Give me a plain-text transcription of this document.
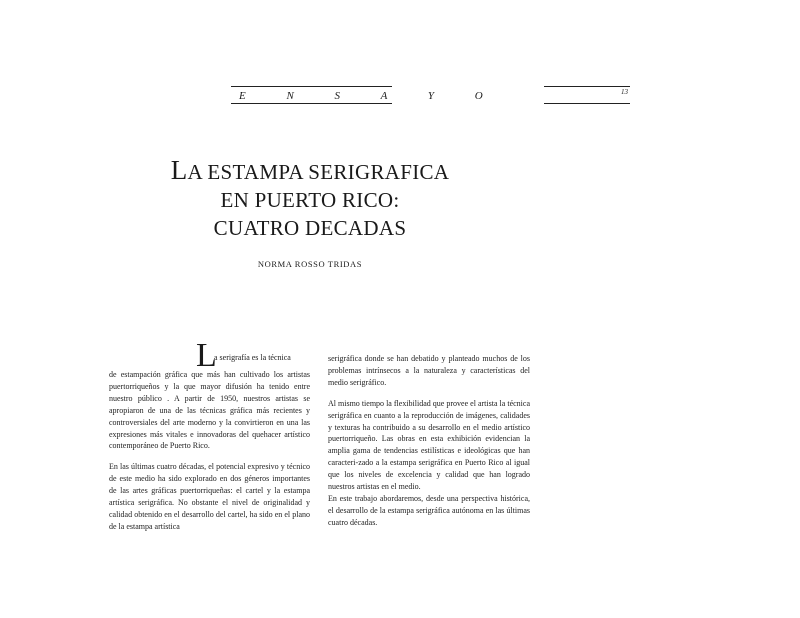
E N S A Y O	13
LA ESTAMPA SERIGRAFICA
EN PUERTO RICO:
CUATRO DECADAS
NORMA ROSSO TRIDAS
L
a serigrafía es la técnica

de estampación gráfica que más han cultivado los artistas puertorriqueños y la que mayor difusión ha tenido entre nuestro público . A partir de 1950, nuestros artistas se apropiaron de una de las técnicas gráfica más recientes y controversiales del arte moderno y la convirtieron en una las expresiones más vitales e innovadoras del quehacer artístico contemporáneo de Puerto Rico.

En las últimas cuatro décadas, el potencial expresivo y técnico de este medio ha sido explorado en dos géneros importantes de las artes gráficas puertorriqueñas: el cartel y la estampa artística serigráfica. No obstante el nivel de originalidad y calidad obtenido en el desarrollo del cartel, ha sido en el plano de la estampa artística

serigráfica donde se han debatido y planteado muchos de los problemas intrínsecos a la naturaleza y características del medio serigráfico.

Al mismo tiempo la flexibilidad que provee el artista la técnica serigráfica en cuanto a la reproducción de imágenes, calidades y texturas ha contribuido a su desarrollo en el medio artístico puertorriqueño. Las obras en esta exhibición evidencian la amplia gama de tendencias estilísticas e ideológicas que han caracteri-zado a la estampa serigráfica en Puerto Rico al igual que los niveles de excelencia y calidad que han logrado nuestros artistas en el medio.

En este trabajo abordaremos, desde una perspectiva histórica, el desarrollo de la estampa serigráfica autónoma en las últimas cuatro décadas.
